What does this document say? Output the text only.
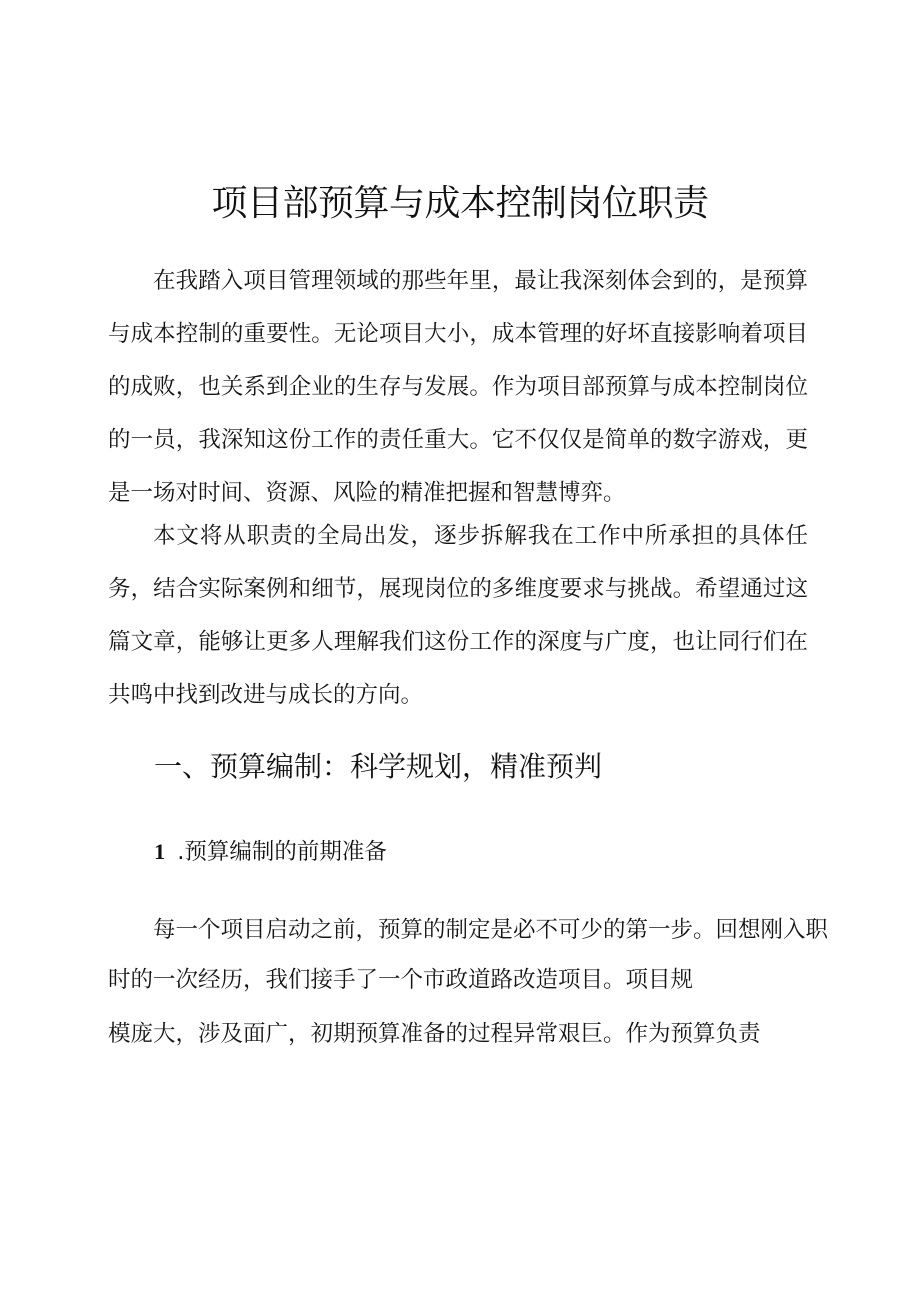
项目部预算与成本控制岗位职责

在我踏入项目管理领域的那些年里，最让我深刻体会到的，是预算与成本控制的重要性。无论项目大小，成本管理的好坏直接影响着项目的成败，也关系到企业的生存与发展。作为项目部预算与成本控制岗位的一员，我深知这份工作的责任重大。它不仅仅是简单的数字游戏，更是一场对时间、资源、风险的精准把握和智慧博弈。

本文将从职责的全局出发，逐步拆解我在工作中所承担的具体任务，结合实际案例和细节，展现岗位的多维度要求与挑战。希望通过这篇文章，能够让更多人理解我们这份工作的深度与广度，也让同行们在共鸣中找到改进与成长的方向。

一、预算编制：科学规划，精准预判
1 .预算编制的前期准备

每一个项目启动之前，预算的制定是必不可少的第一步。回想刚入职

时的一次经历，我们接手了一个市政道路改造项目。项目规

模庞大，涉及面广，初期预算准备的过程异常艰巨。作为预算负责
